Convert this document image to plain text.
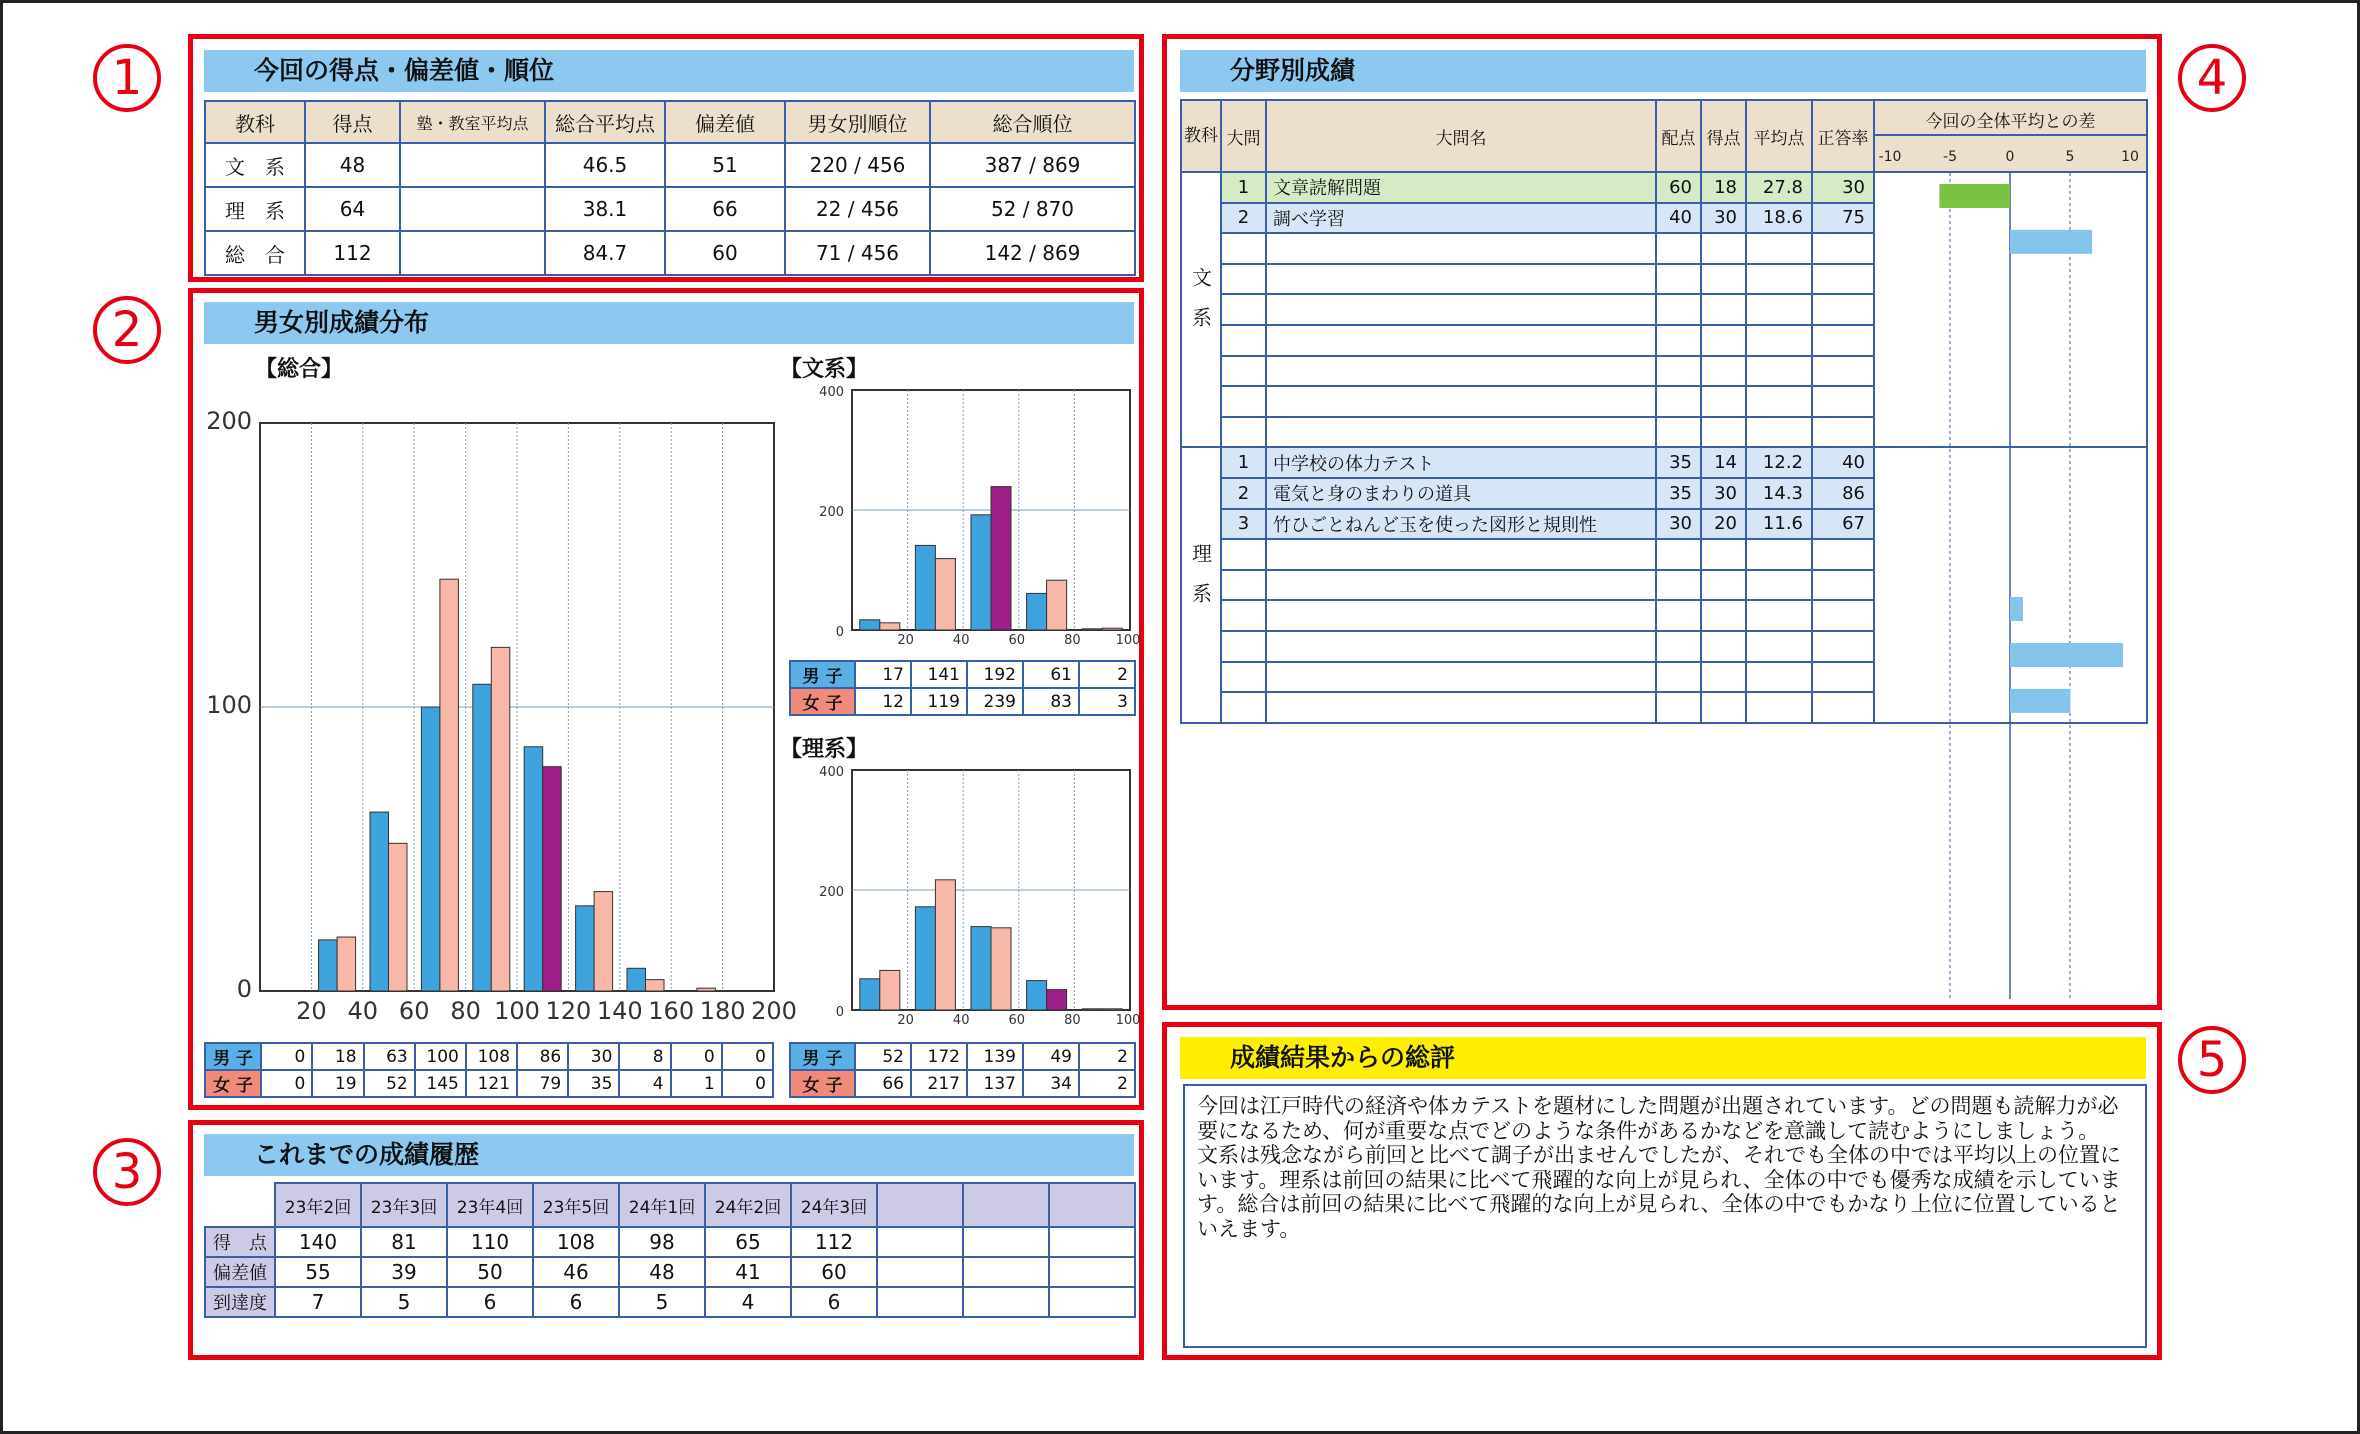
1
2
3
4
5
今回の得点・偏差値・順位
教科	得点	塾・教室平均点	総合平均点	偏差値	男女別順位	総合順位
文　系	48		46.5	51	220 / 456	387 / 869
理　系	64		38.1	66	22 / 456	52 / 870
総　合	112		84.7	60	71 / 456	142 / 869
男女別成績分布
【総合】	【文系】
【理系】
0
100
200
20 40 60 80 100 120 140 160 180 200
0
200
400
20	40	60	80	100
0
200
400
20	40	60	80	100
男 子	0	18	63	100	108	86	30	8	0	0
女 子	0	19	52	145	121	79	35	4	1	0
男 子	17	141	192	61	2
女 子	12	119	239	83	3
男 子	52	172	139	49	2
女 子	66	217	137	34	2
これまでの成績履歴
	23年2回	23年3回	23年4回	23年5回	24年1回	24年2回	24年3回			
得　点	140	81	110	108	98	65	112			
偏差値	55	39	50	46	48	41	60			
到達度	7	5	6	6	5	4	6			
分野別成績
教科	大問	大問名	配点	得点	平均点	正答率	今回の全体平均との差
文系	1	文章読解問題	60	18	27.8	30	
	2	調べ学習	40	30	18.6	75	

理系	1	中学校の体力テスト	35	14	12.2	40	
	2	電気と身のまわりの道具	35	30	14.3	86	
	3	竹ひごとねんど玉を使った図形と規則性	30	20	11.6	67	

-10	-5	0	5	10
成績結果からの総評
今回は江戸時代の経済や体カテストを題材にした問題が出題されています。どの問題も読解力が必要になるため、何が重要な点でどのような条件があるかなどを意識して読むようにしましょう。
文系は残念ながら前回と比べて調子が出ませんでしたが、それでも全体の中では平均以上の位置にいます。理系は前回の結果に比べて飛躍的な向上が見られ、全体の中でも優秀な成績を示しています。総合は前回の結果に比べて飛躍的な向上が見られ、全体の中でもかなり上位に位置しているといえます。
